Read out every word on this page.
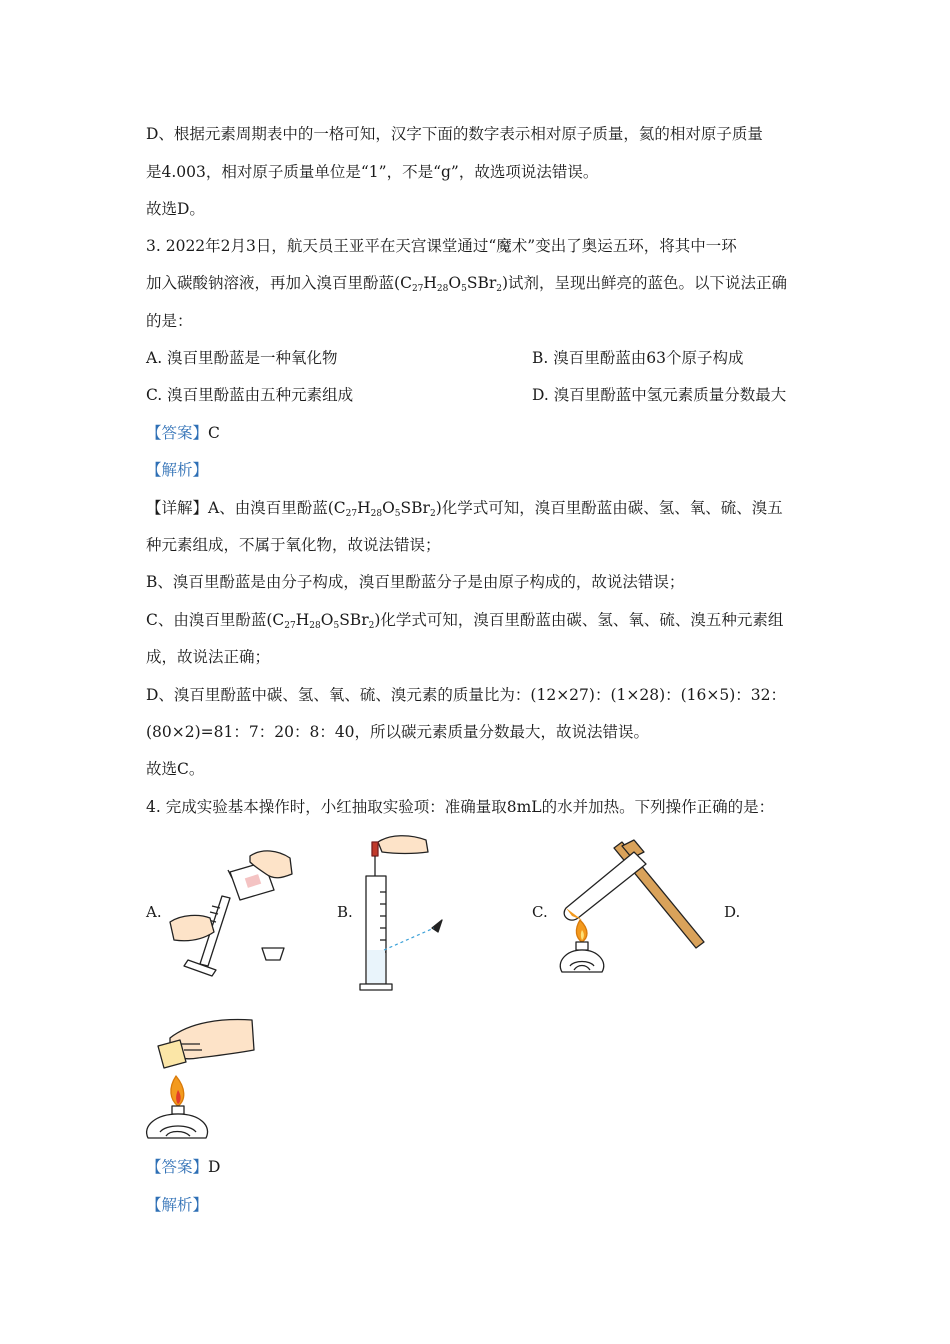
D、根据元素周期表中的一格可知，汉字下面的数字表示相对原子质量，氦的相对原子质量
是4.003，相对原子质量单位是“1”，不是“g”，故选项说法错误。
故选D。
3. 2022年2月3日，航天员王亚平在天宫课堂通过“魔术”变出了奥运五环，将其中一环
加入碳酸钠溶液，再加入溴百里酚蓝$(C_{27}H_{28}O_5SBr_2)$试剂，呈现出鲜亮的蓝色。以下说法正确
的是：
A. 溴百里酚蓝是一种氧化物	B. 溴百里酚蓝由63个原子构成
C. 溴百里酚蓝由五种元素组成	D. 溴百里酚蓝中氢元素质量分数最大
【答案】C
【解析】
【详解】A、由溴百里酚蓝$(C_{27}H_{28}O_5SBr_2)$化学式可知，溴百里酚蓝由碳、氢、氧、硫、溴五
种元素组成，不属于氧化物，故说法错误；
B、溴百里酚蓝是由分子构成，溴百里酚蓝分子是由原子构成的，故说法错误；
C、由溴百里酚蓝$(C_{27}H_{28}O_5SBr_2)$化学式可知，溴百里酚蓝由碳、氢、氧、硫、溴五种元素组
成，故说法正确；
D、溴百里酚蓝中碳、氢、氧、硫、溴元素的质量比为：(12×27)：(1×28)：(16×5)：32：
(80×2)=81：7：20：8：40，所以碳元素质量分数最大，故说法错误。
故选C。
4. 完成实验基本操作时，小红抽取实验项：准确量取8mL的水并加热。下列操作正确的是：
A.	B.	C.	D.
【答案】D
【解析】
